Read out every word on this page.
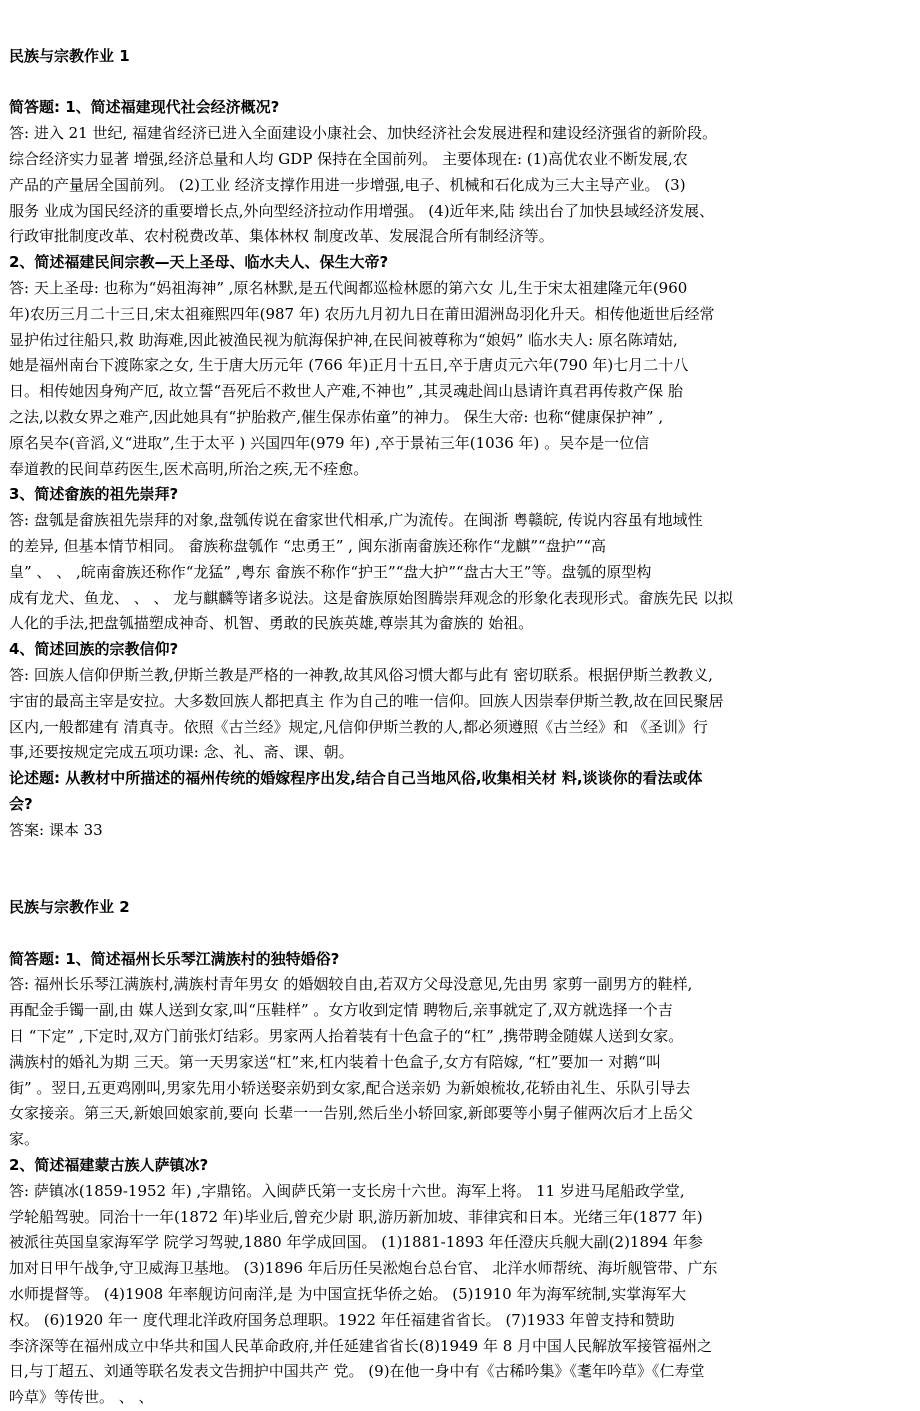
民族与宗教作业 1
简答题: 1、简述福建现代社会经济概况?
答: 进入 21 世纪, 福建省经济已进入全面建设小康社会、加快经济社会发展进程和建设经济强省的新阶段。
综合经济实力显著 增强,经济总量和人均 GDP 保持在全国前列。 主要体现在: (1)高优农业不断发展,农
产品的产量居全国前列。 (2)工业 经济支撑作用进一步增强,电子、机械和石化成为三大主导产业。 (3)
服务 业成为国民经济的重要增长点,外向型经济拉动作用增强。 (4)近年来,陆 续出台了加快县域经济发展、
行政审批制度改革、农村税费改革、集体林权 制度改革、发展混合所有制经济等。
2、简述福建民间宗教—天上圣母、临水夫人、保生大帝?
答: 天上圣母: 也称为“妈祖海神” ,原名林默,是五代闽都巡检林愿的第六女 儿,生于宋太祖建隆元年(960
年)农历三月二十三日,宋太祖雍熙四年(987 年) 农历九月初九日在莆田湄洲岛羽化升天。相传他逝世后经常
显护佑过往船只,救 助海难,因此被渔民视为航海保护神,在民间被尊称为“娘妈” 临水夫人: 原名陈靖姑,
她是福州南台下渡陈家之女, 生于唐大历元年 (766 年)正月十五日,卒于唐贞元六年(790 年)七月二十八
日。相传她因身殉产厄, 故立誓“吾死后不救世人产难,不神也” ,其灵魂赴闾山恳请许真君再传救产保 胎
之法,以救女界之难产,因此她具有“护胎救产,催生保赤佑童”的神力。 保生大帝: 也称“健康保护神” ,
原名吴夲(音滔,义“进取”,生于太平 ) 兴国四年(979 年) ,卒于景祐三年(1036 年) 。吴夲是一位信
奉道教的民间草药医生,医术高明,所治之疾,无不痊愈。
3、简述畲族的祖先崇拜?
答: 盘瓠是畲族祖先崇拜的对象,盘瓠传说在畲家世代相承,广为流传。在闽浙 粤赣皖, 传说内容虽有地域性
的差异, 但基本情节相同。 畲族称盘瓠作 “忠勇王” , 闽东浙南畲族还称作“龙麒”“盘护”“高
皇” 、 、 ,皖南畲族还称作“龙猛” ,粤东 畲族不称作“护王”“盘大护”“盘古大王”等。盘瓠的原型构
成有龙犬、鱼龙、 、 、 龙与麒麟等诸多说法。这是畲族原始图腾崇拜观念的形象化表现形式。畲族先民 以拟
人化的手法,把盘瓠描塑成神奇、机智、勇敢的民族英雄,尊崇其为畲族的 始祖。
4、简述回族的宗教信仰?
答: 回族人信仰伊斯兰教,伊斯兰教是严格的一神教,故其风俗习惯大都与此有 密切联系。根据伊斯兰教教义,
宇宙的最高主宰是安拉。大多数回族人都把真主 作为自己的唯一信仰。回族人因崇奉伊斯兰教,故在回民聚居
区内,一般都建有 清真寺。依照《古兰经》规定,凡信仰伊斯兰教的人,都必须遵照《古兰经》和 《圣训》行
事,还要按规定完成五项功课: 念、礼、斋、课、朝。
论述题: 从教材中所描述的福州传统的婚嫁程序出发,结合自己当地风俗,收集相关材 料,谈谈你的看法或体
会?
答案: 课本 33
民族与宗教作业 2
简答题: 1、简述福州长乐琴江满族村的独特婚俗?
答: 福州长乐琴江满族村,满族村青年男女 的婚姻较自由,若双方父母没意见,先由男 家剪一副男方的鞋样,
再配金手镯一副,由 媒人送到女家,叫“压鞋样” 。女方收到定情 聘物后,亲事就定了,双方就选择一个吉
日 “下定” ,下定时,双方门前张灯结彩。男家两人抬着装有十色盒子的“杠” ,携带聘金随媒人送到女家。
满族村的婚礼为期 三天。第一天男家送“杠”来,杠内装着十色盒子,女方有陪嫁, “杠”要加一 对鹅“叫
街” 。翌日,五更鸡刚叫,男家先用小轿送娶亲奶到女家,配合送亲奶 为新娘梳妆,花轿由礼生、乐队引导去
女家接亲。第三天,新娘回娘家前,要向 长辈一一告别,然后坐小轿回家,新郎要等小舅子催两次后才上岳父
家。
2、简述福建蒙古族人萨镇冰?
答: 萨镇冰(1859-1952 年) ,字鼎铭。入闽萨氏第一支长房十六世。海军上将。 11 岁进马尾船政学堂,
学轮船驾驶。同治十一年(1872 年)毕业后,曾充少尉 职,游历新加坡、菲律宾和日本。光绪三年(1877 年)
被派往英国皇家海军学 院学习驾驶,1880 年学成回国。 (1)1881-1893 年任澄庆兵舰大副(2)1894 年参
加对日甲午战争,守卫威海卫基地。 (3)1896 年后历任吴淞炮台总台官、 北洋水师帮统、海圻舰管带、广东
水师提督等。 (4)1908 年率舰访问南洋,是 为中国宣抚华侨之始。 (5)1910 年为海军统制,实掌海军大
权。 (6)1920 年一 度代理北洋政府国务总理职。1922 年任福建省省长。 (7)1933 年曾支持和赞助
李济深等在福州成立中华共和国人民革命政府,并任延建省省长(8)1949 年 8 月中国人民解放军接管福州之
日,与丁超五、刘通等联名发表文告拥护中国共产 党。 (9)在他一身中有《古稀吟集》《耄年吟草》《仁寿堂
吟草》等传世。 、 、
